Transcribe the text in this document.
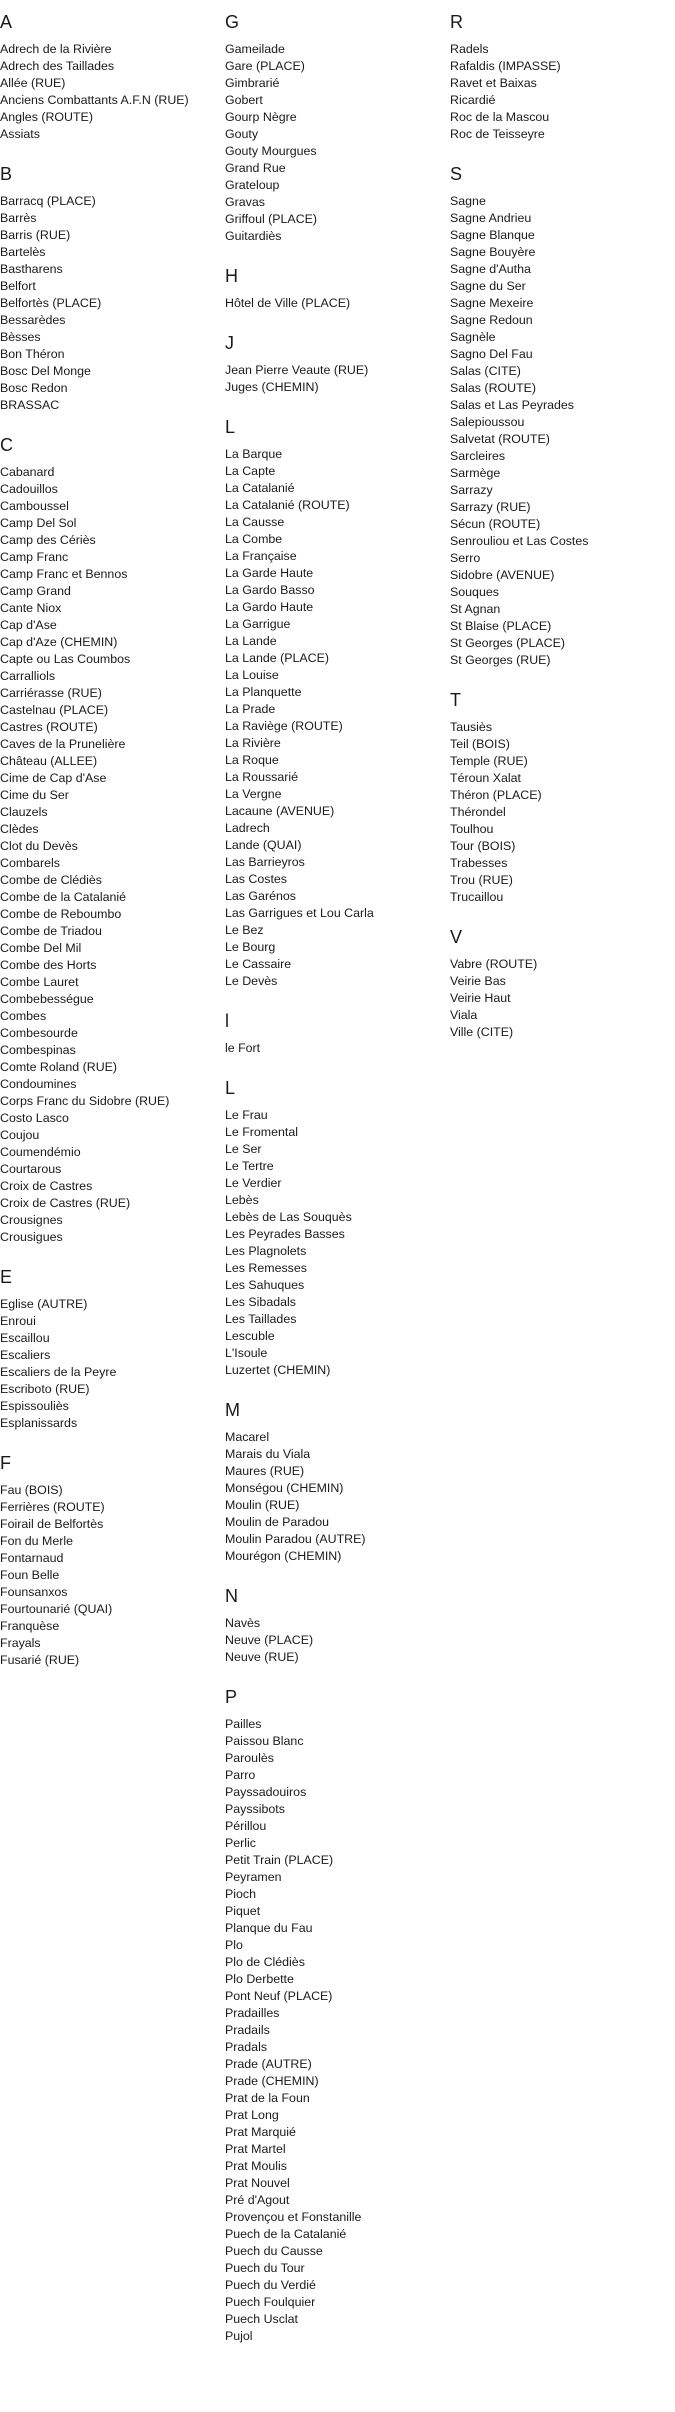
A
Adrech de la Rivière
Adrech des Taillades
Allée (RUE)
Anciens Combattants A.F.N (RUE)
Angles (ROUTE)
Assiats
B
Barracq (PLACE)
Barrès
Barris (RUE)
Bartelès
Bastharens
Belfort
Belfortès (PLACE)
Bessarèdes
Bèsses
Bon Théron
Bosc Del Monge
Bosc Redon
BRASSAC
C
Cabanard
Cadouillos
Camboussel
Camp Del Sol
Camp des Cériès
Camp Franc
Camp Franc et Bennos
Camp Grand
Cante Niox
Cap d'Ase
Cap d'Aze (CHEMIN)
Capte ou Las Coumbos
Carralliols
Carriérasse (RUE)
Castelnau (PLACE)
Castres (ROUTE)
Caves de la Prunelière
Château (ALLEE)
Cime de Cap d'Ase
Cime du Ser
Clauzels
Clèdes
Clot du Devès
Combarels
Combe de Clédiès
Combe de la Catalanié
Combe de Reboumbo
Combe de Triadou
Combe Del Mil
Combe des Horts
Combe Lauret
Combebességue
Combes
Combesourde
Combespinas
Comte Roland (RUE)
Condoumines
Corps Franc du Sidobre (RUE)
Costo Lasco
Coujou
Coumendémio
Courtarous
Croix de Castres
Croix de Castres (RUE)
Crousignes
Crousigues
E
Eglise (AUTRE)
Enroui
Escaillou
Escaliers
Escaliers de la Peyre
Escriboto (RUE)
Espissouliès
Esplanissards
F
Fau (BOIS)
Ferrières (ROUTE)
Foirail de Belfortès
Fon du Merle
Fontarnaud
Foun Belle
Founsanxos
Fourtounarié (QUAI)
Franquèse
Frayals
Fusarié (RUE)
G
Gameilade
Gare (PLACE)
Gimbrarié
Gobert
Gourp Nègre
Gouty
Gouty Mourgues
Grand Rue
Grateloup
Gravas
Griffoul (PLACE)
Guitardiès
H
Hôtel de Ville (PLACE)
J
Jean Pierre Veaute (RUE)
Juges (CHEMIN)
L
La Barque
La Capte
La Catalanié
La Catalanié (ROUTE)
La Causse
La Combe
La Française
La Garde Haute
La Gardo Basso
La Gardo Haute
La Garrigue
La Lande
La Lande (PLACE)
La Louise
La Planquette
La Prade
La Raviège (ROUTE)
La Rivière
La Roque
La Roussarié
La Vergne
Lacaune (AVENUE)
Ladrech
Lande (QUAI)
Las Barrieyros
Las Costes
Las Garénos
Las Garrigues et Lou Carla
Le Bez
Le Bourg
Le Cassaire
Le Devès
l
le Fort
L
Le Frau
Le Fromental
Le Ser
Le Tertre
Le Verdier
Lebès
Lebès de Las Souquès
Les Peyrades Basses
Les Plagnolets
Les Remesses
Les Sahuques
Les Sibadals
Les Taillades
Lescuble
L'Isoule
Luzertet (CHEMIN)
M
Macarel
Marais du Viala
Maures (RUE)
Monségou (CHEMIN)
Moulin (RUE)
Moulin de Paradou
Moulin Paradou (AUTRE)
Mourégon (CHEMIN)
N
Navès
Neuve (PLACE)
Neuve (RUE)
P
Pailles
Paissou Blanc
Paroulès
Parro
Payssadouiros
Payssibots
Périllou
Perlic
Petit Train (PLACE)
Peyramen
Pioch
Piquet
Planque du Fau
Plo
Plo de Clédiès
Plo Derbette
Pont Neuf (PLACE)
Pradailles
Pradails
Pradals
Prade (AUTRE)
Prade (CHEMIN)
Prat de la Foun
Prat Long
Prat Marquié
Prat Martel
Prat Moulis
Prat Nouvel
Pré d'Agout
Provençou et Fonstanille
Puech de la Catalanié
Puech du Causse
Puech du Tour
Puech du Verdié
Puech Foulquier
Puech Usclat
Pujol
R
Radels
Rafaldis (IMPASSE)
Ravet et Baixas
Ricardié
Roc de la Mascou
Roc de Teisseyre
S
Sagne
Sagne Andrieu
Sagne Blanque
Sagne Bouyère
Sagne d'Autha
Sagne du Ser
Sagne Mexeire
Sagne Redoun
Sagnèle
Sagno Del Fau
Salas (CITE)
Salas (ROUTE)
Salas et Las Peyrades
Salepioussou
Salvetat (ROUTE)
Sarcleires
Sarmège
Sarrazy
Sarrazy (RUE)
Sécun (ROUTE)
Senrouliou et Las Costes
Serro
Sidobre (AVENUE)
Souques
St Agnan
St Blaise (PLACE)
St Georges (PLACE)
St Georges (RUE)
T
Tausiès
Teil (BOIS)
Temple (RUE)
Téroun Xalat
Théron (PLACE)
Thérondel
Toulhou
Tour (BOIS)
Trabesses
Trou (RUE)
Trucaillou
V
Vabre (ROUTE)
Veirie Bas
Veirie Haut
Viala
Ville (CITE)
